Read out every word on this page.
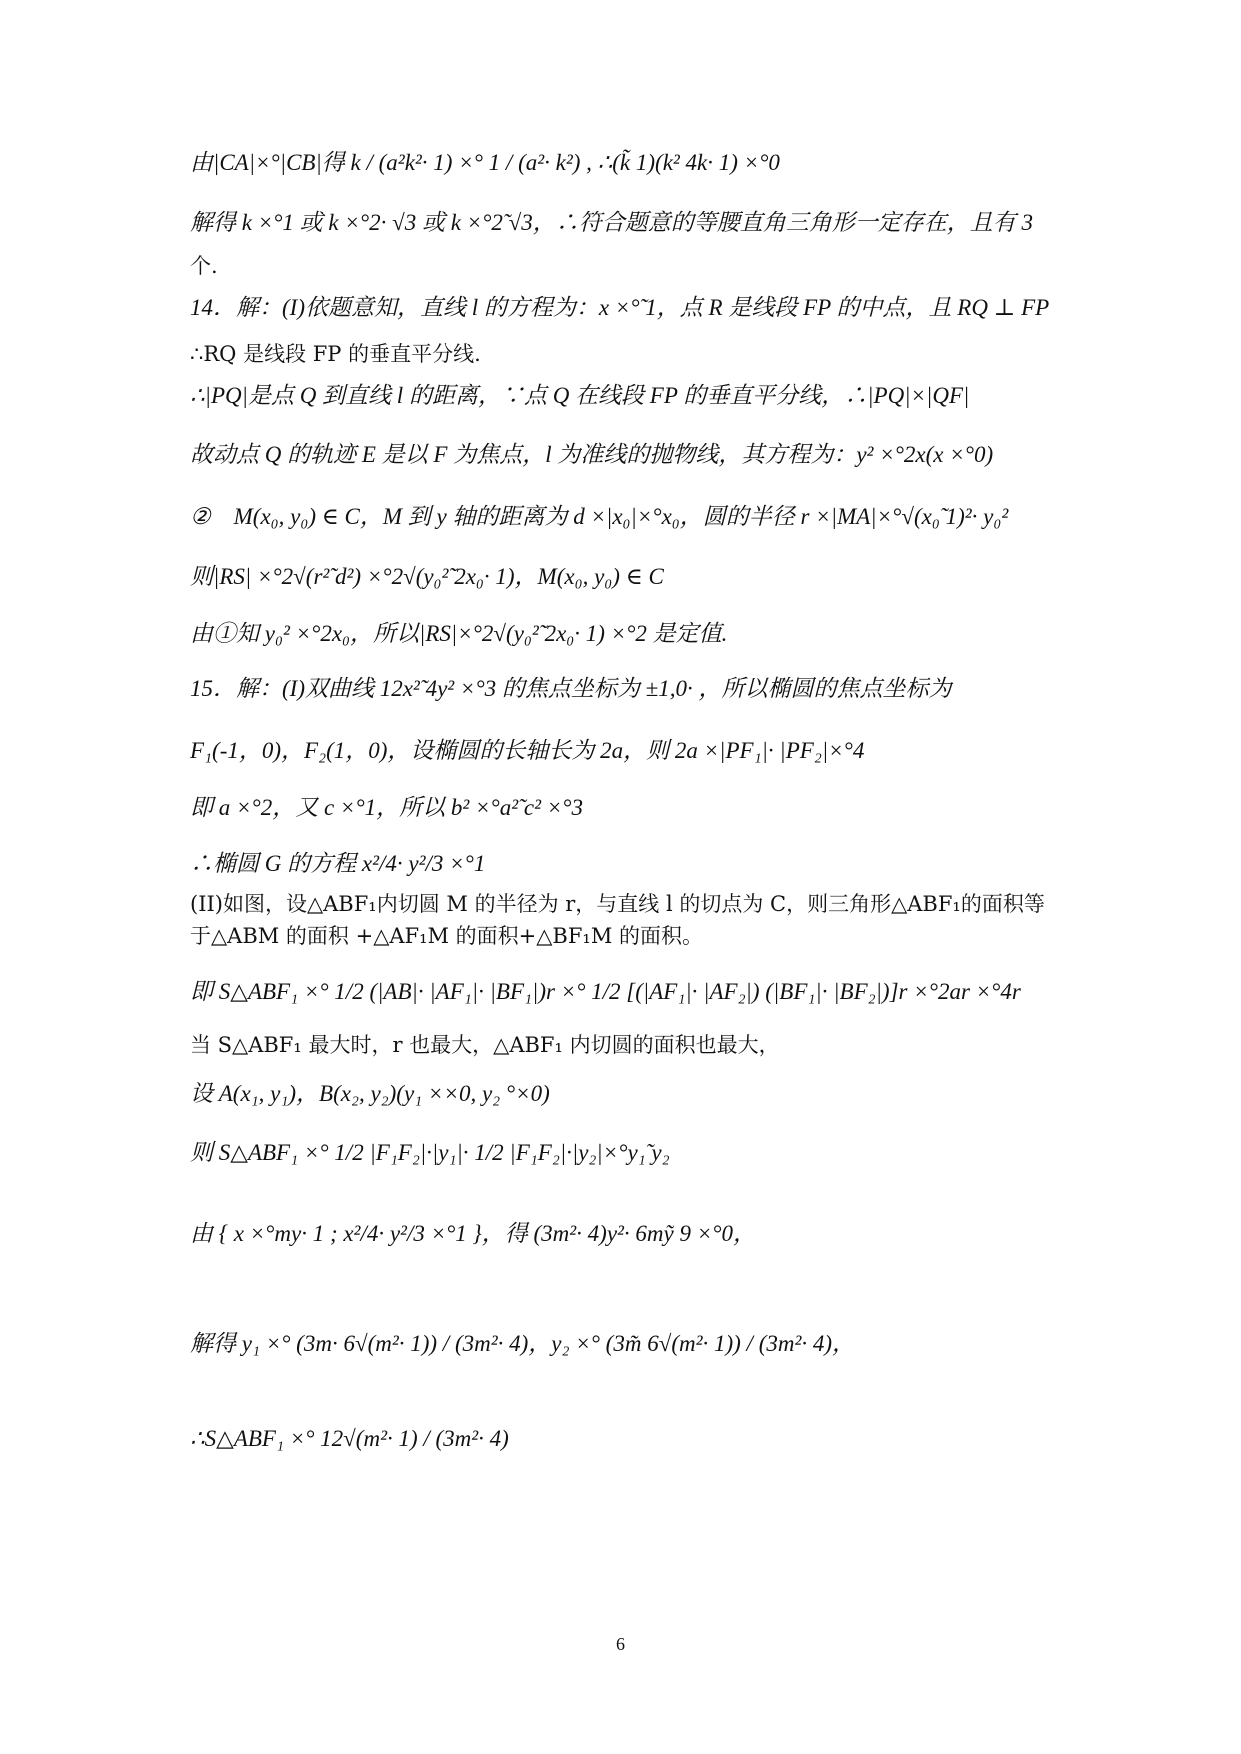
由|CA|×°|CB|得 k / (a²k²· 1) ×° 1 / (a²· k²) , ∴(k̃ 1)(k² 4k· 1) ×°0
解得 k ×°1 或 k ×°2· √3 或 k ×°2̃ √3，∴符合题意的等腰直角三角形一定存在，且有 3
个.
14．解：(I)依题意知，直线 l 的方程为：x ×°̃ 1，点 R 是线段 FP 的中点，且 RQ ⊥ FP
∴RQ 是线段 FP 的垂直平分线.
∴|PQ|是点 Q 到直线 l 的距离，∵点 Q 在线段 FP 的垂直平分线，∴|PQ|×|QF|
故动点 Q 的轨迹 E 是以 F 为焦点，l 为准线的抛物线，其方程为：y² ×°2x(x ×°0)
②　M(x₀, y₀) ∈ C，M 到 y 轴的距离为 d ×|x₀|×°x₀，圆的半径 r ×|MA|×°√(x₀̃ 1)²· y₀²
则|RS| ×°2√(r²̃ d²) ×°2√(y₀²̃ 2x₀· 1)，M(x₀, y₀) ∈ C
由①知 y₀² ×°2x₀，所以|RS|×°2√(y₀²̃ 2x₀· 1) ×°2 是定值.
15．解：(I)双曲线 12x²̃ 4y² ×°3 的焦点坐标为 ±1,0· ，所以椭圆的焦点坐标为
F₁(-1，0)，F₂(1，0)，设椭圆的长轴长为 2a，则 2a ×|PF₁|· |PF₂|×°4
即 a ×°2，又 c ×°1，所以 b² ×°a²̃ c² ×°3
∴椭圆 G 的方程 x²/4· y²/3 ×°1
(II)如图，设△ABF₁内切圆 M 的半径为 r，与直线 l 的切点为 C，则三角形△ABF₁的面积等
于△ABM 的面积 +△AF₁M 的面积+△BF₁M 的面积。
即 S△ABF₁ ×° 1/2 (|AB|· |AF₁|· |BF₁|)r ×° 1/2 [(|AF₁|· |AF₂|) (|BF₁|· |BF₂|)]r ×°2ar ×°4r
当 S△ABF₁ 最大时，r 也最大，△ABF₁ 内切圆的面积也最大，
设 A(x₁, y₁)，B(x₂, y₂)(y₁ ××0, y₂ °×0)
则 S△ABF₁ ×° 1/2 |F₁F₂|·|y₁|· 1/2 |F₁F₂|·|y₂|×°y₁̃ y₂
由 { x ×°my· 1 ; x²/4· y²/3 ×°1 }，得 (3m²· 4)y²· 6mỹ 9 ×°0，
解得 y₁ ×° (3m· 6√(m²· 1)) / (3m²· 4)，y₂ ×° (3m̃ 6√(m²· 1)) / (3m²· 4)，
∴S△ABF₁ ×° 12√(m²· 1) / (3m²· 4)
6
